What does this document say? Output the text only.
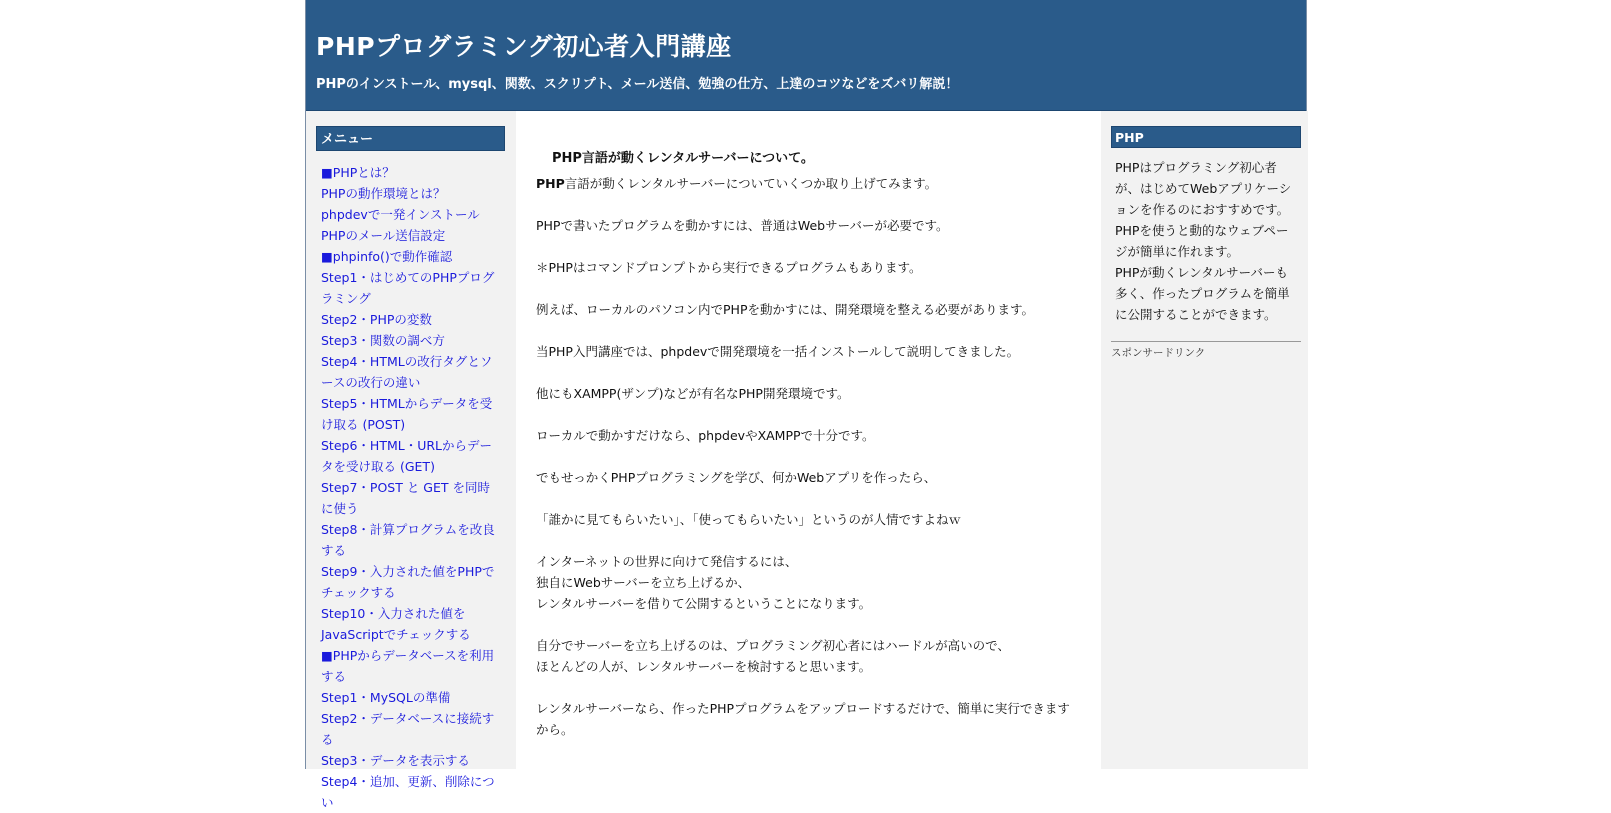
PHPプログラミング初心者入門講座
PHPのインストール、mysql、関数、スクリプト、メール送信、勉強の仕方、上達のコツなどをズバリ解説！
メニュー
■PHPとは？
PHPの動作環境とは？
phpdevで一発インストール
PHPのメール送信設定
■phpinfo()で動作確認
Step1・はじめてのPHPプログラミング
Step2・PHPの変数
Step3・関数の調べ方
Step4・HTMLの改行タグとソースの改行の違い
Step5・HTMLからデータを受け取る (POST)
Step6・HTML・URLからデータを受け取る (GET)
Step7・POST と GET を同時に使う
Step8・計算プログラムを改良する
Step9・入力された値をPHPでチェックする
Step10・入力された値をJavaScriptでチェックする
■PHPからデータベースを利用する
Step1・MySQLの準備
Step2・データベースに接続する
Step3・データを表示する
Step4・追加、更新、削除につい
PHP言語が動くレンタルサーバーについて。

PHP言語が動くレンタルサーバーについていくつか取り上げてみます。

PHPで書いたプログラムを動かすには、普通はWebサーバーが必要です。

＊PHPはコマンドプロンプトから実行できるプログラムもあります。

例えば、ローカルのパソコン内でPHPを動かすには、開発環境を整える必要があります。

当PHP入門講座では、phpdevで開発環境を一括インストールして説明してきました。

他にもXAMPP(ザンプ)などが有名なPHP開発環境です。

ローカルで動かすだけなら、phpdevやXAMPPで十分です。

でもせっかくPHPプログラミングを学び、何かWebアプリを作ったら、

「誰かに見てもらいたい」、「使ってもらいたい」というのが人情ですよねｗ

インターネットの世界に向けて発信するには、
独自にWebサーバーを立ち上げるか、
レンタルサーバーを借りて公開するということになります。

自分でサーバーを立ち上げるのは、プログラミング初心者にはハードルが高いので、
ほとんどの人が、レンタルサーバーを検討すると思います。

レンタルサーバーなら、作ったPHPプログラムをアップロードするだけで、簡単に実行できますから。

PHP

PHPはプログラミング初心者が、はじめてWebアプリケーションを作るのにおすすめです。

PHPを使うと動的なウェブページが簡単に作れます。

PHPが動くレンタルサーバーも多く、作ったプログラムを簡単に公開することができます。

スポンサードリンク
